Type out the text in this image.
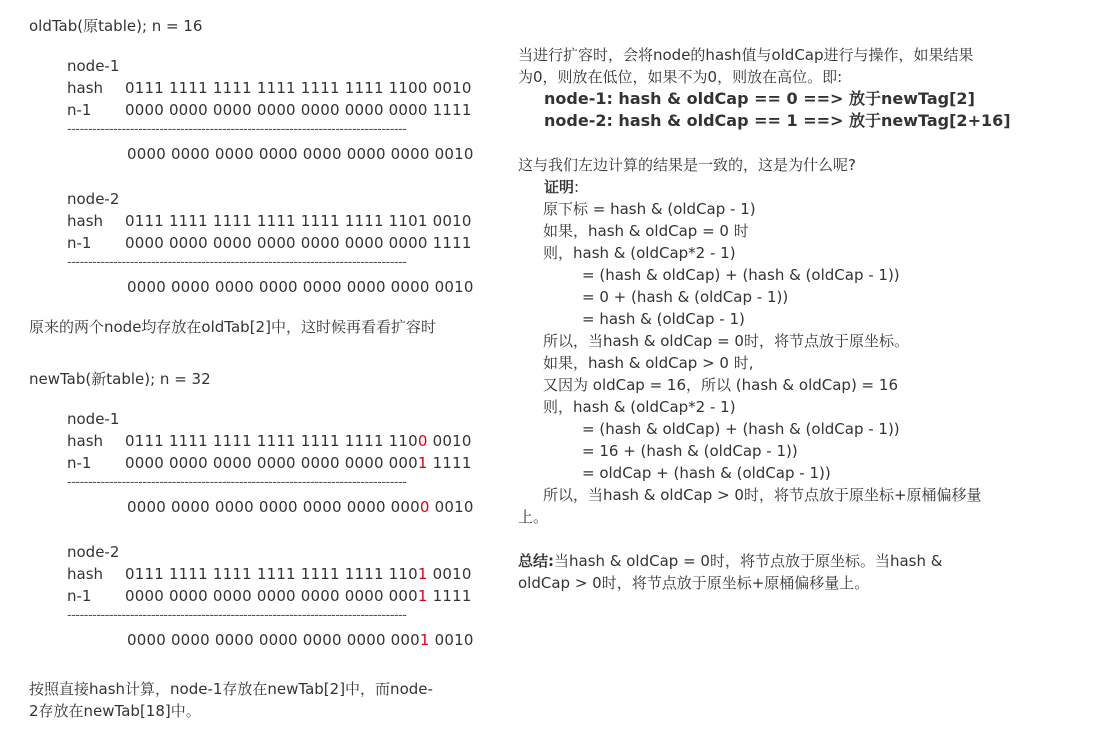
oldTab(原table); n = 16
node-1
hash 0111 1111 1111 1111 1111 1111 1100 0010
n-1 0000 0000 0000 0000 0000 0000 0000 1111
---------------------------------------------------------------------------------
0000 0000 0000 0000 0000 0000 0000 0010
node-2
hash 0111 1111 1111 1111 1111 1111 1101 0010
n-1 0000 0000 0000 0000 0000 0000 0000 1111
---------------------------------------------------------------------------------
0000 0000 0000 0000 0000 0000 0000 0010
原来的两个node均存放在oldTab[2]中，这时候再看看扩容时
newTab(新table); n = 32
node-1
hash 0111 1111 1111 1111 1111 1111 1100 0010
n-1 0000 0000 0000 0000 0000 0000 0001 1111
---------------------------------------------------------------------------------
0000 0000 0000 0000 0000 0000 0000 0010
node-2
hash 0111 1111 1111 1111 1111 1111 1101 0010
n-1 0000 0000 0000 0000 0000 0000 0001 1111
---------------------------------------------------------------------------------
0000 0000 0000 0000 0000 0000 0001 0010
按照直接hash计算，node-1存放在newTab[2]中，而node-
2存放在newTab[18]中。
当进行扩容时，会将node的hash值与oldCap进行与操作，如果结果
为0，则放在低位，如果不为0，则放在高位。即:
node-1: hash & oldCap == 0 ==> 放于newTag[2]
node-2: hash & oldCap == 1 ==> 放于newTag[2+16]
这与我们左边计算的结果是一致的，这是为什么呢?
证明:
原下标 = hash & (oldCap - 1)
如果，hash & oldCap = 0 时
则，hash & (oldCap*2 - 1)
= (hash & oldCap) + (hash & (oldCap - 1))
= 0 + (hash & (oldCap - 1))
= hash & (oldCap - 1)
所以，当hash & oldCap = 0时，将节点放于原坐标。
如果，hash & oldCap > 0 时,
又因为 oldCap = 16，所以 (hash & oldCap) = 16
则，hash & (oldCap*2 - 1)
= (hash & oldCap) + (hash & (oldCap - 1))
= 16 + (hash & (oldCap - 1))
= oldCap + (hash & (oldCap - 1))
所以，当hash & oldCap > 0时，将节点放于原坐标+原桶偏移量
上。
总结:当hash & oldCap = 0时，将节点放于原坐标。当hash &
oldCap > 0时，将节点放于原坐标+原桶偏移量上。
